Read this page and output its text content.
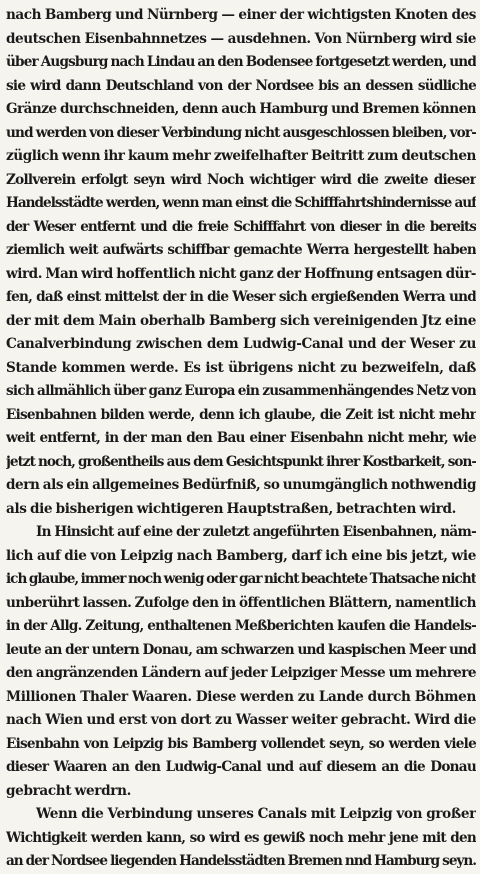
nach Bamberg und Nürnberg — einer der wichtigsten Knoten des
deutschen Eisenbahnnetzes — ausdehnen. Von Nürnberg wird sie
über Augsburg nach Lindau an den Bodensee fortgesetzt werden, und
sie wird dann Deutschland von der Nordsee bis an dessen südliche
Gränze durchschneiden, denn auch Hamburg und Bremen können
und werden von dieser Verbindung nicht ausgeschlossen bleiben, vor-
züglich wenn ihr kaum mehr zweifelhafter Beitritt zum deutschen
Zollverein erfolgt seyn wird Noch wichtiger wird die zweite dieser
Handelsstädte werden, wenn man einst die Schifffahrtshindernisse auf
der Weser entfernt und die freie Schifffahrt von dieser in die bereits
ziemlich weit aufwärts schiffbar gemachte Werra hergestellt haben
wird. Man wird hoffentlich nicht ganz der Hoffnung entsagen dür-
fen, daß einst mittelst der in die Weser sich ergießenden Werra und
der mit dem Main oberhalb Bamberg sich vereinigenden Jtz eine
Canalverbindung zwischen dem Ludwig-Canal und der Weser zu
Stande kommen werde. Es ist übrigens nicht zu bezweifeln, daß
sich allmählich über ganz Europa ein zusammenhängendes Netz von
Eisenbahnen bilden werde, denn ich glaube, die Zeit ist nicht mehr
weit entfernt, in der man den Bau einer Eisenbahn nicht mehr, wie
jetzt noch, großentheils aus dem Gesichtspunkt ihrer Kostbarkeit, son-
dern als ein allgemeines Bedürfniß, so unumgänglich nothwendig
als die bisherigen wichtigeren Hauptstraßen, betrachten wird.
In Hinsicht auf eine der zuletzt angeführten Eisenbahnen, näm-
lich auf die von Leipzig nach Bamberg, darf ich eine bis jetzt, wie
ich glaube, immer noch wenig oder gar nicht beachtete Thatsache nicht
unberührt lassen. Zufolge den in öffentlichen Blättern, namentlich
in der Allg. Zeitung, enthaltenen Meßberichten kaufen die Handels-
leute an der untern Donau, am schwarzen und kaspischen Meer und
den angränzenden Ländern auf jeder Leipziger Messe um mehrere
Millionen Thaler Waaren. Diese werden zu Lande durch Böhmen
nach Wien und erst von dort zu Wasser weiter gebracht. Wird die
Eisenbahn von Leipzig bis Bamberg vollendet seyn, so werden viele
dieser Waaren an den Ludwig-Canal und auf diesem an die Donau
gebracht werdrn.
Wenn die Verbindung unseres Canals mit Leipzig von großer
Wichtigkeit werden kann, so wird es gewiß noch mehr jene mit den
an der Nordsee liegenden Handelsstädten Bremen nnd Hamburg seyn.
